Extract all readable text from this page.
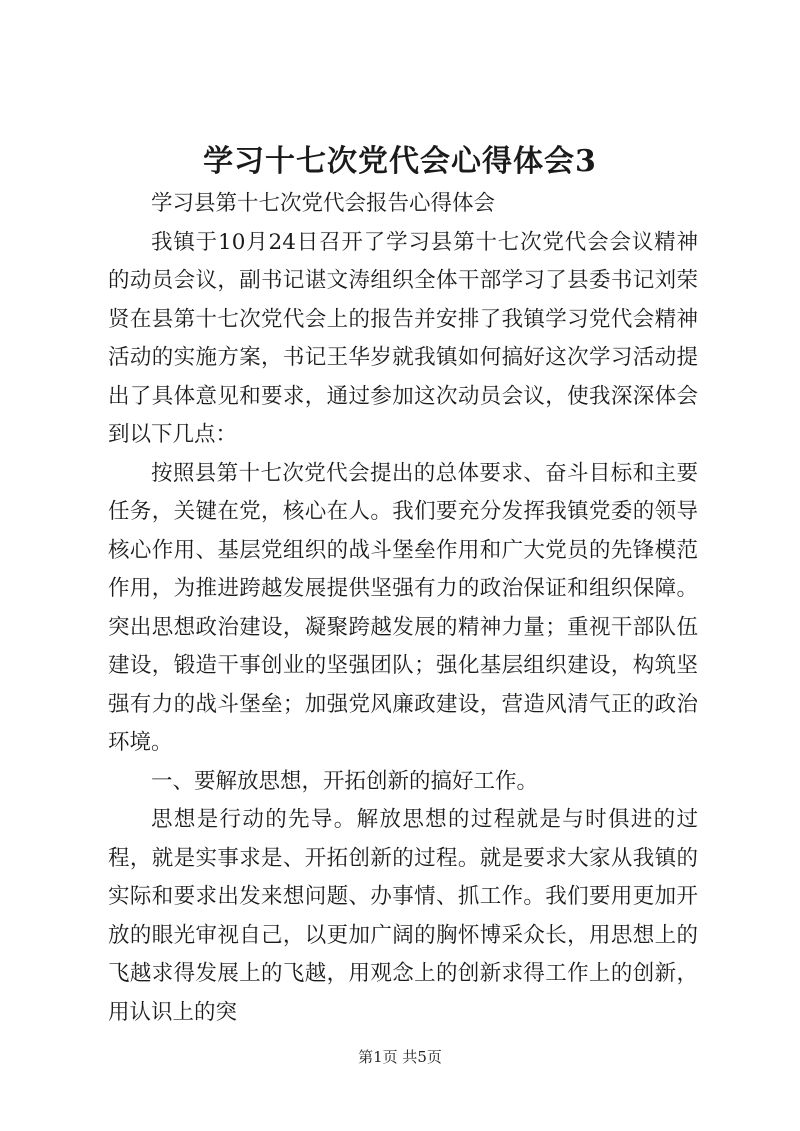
学习十七次党代会心得体会3

学习县第十七次党代会报告心得体会

我镇于10月24日召开了学习县第十七次党代会会议精神的动员会议，副书记谌文涛组织全体干部学习了县委书记刘荣贤在县第十七次党代会上的报告并安排了我镇学习党代会精神活动的实施方案，书记王华岁就我镇如何搞好这次学习活动提出了具体意见和要求，通过参加这次动员会议，使我深深体会到以下几点：

按照县第十七次党代会提出的总体要求、奋斗目标和主要任务，关键在党，核心在人。我们要充分发挥我镇党委的领导核心作用、基层党组织的战斗堡垒作用和广大党员的先锋模范作用，为推进跨越发展提供坚强有力的政治保证和组织保障。突出思想政治建设，凝聚跨越发展的精神力量；重视干部队伍建设，锻造干事创业的坚强团队；强化基层组织建设，构筑坚强有力的战斗堡垒；加强党风廉政建设，营造风清气正的政治环境。

一、要解放思想，开拓创新的搞好工作。

思想是行动的先导。解放思想的过程就是与时俱进的过程，就是实事求是、开拓创新的过程。就是要求大家从我镇的实际和要求出发来想问题、办事情、抓工作。我们要用更加开放的眼光审视自己，以更加广阔的胸怀博采众长，用思想上的飞越求得发展上的飞越，用观念上的创新求得工作上的创新，用认识上的突

第1页 共5页
